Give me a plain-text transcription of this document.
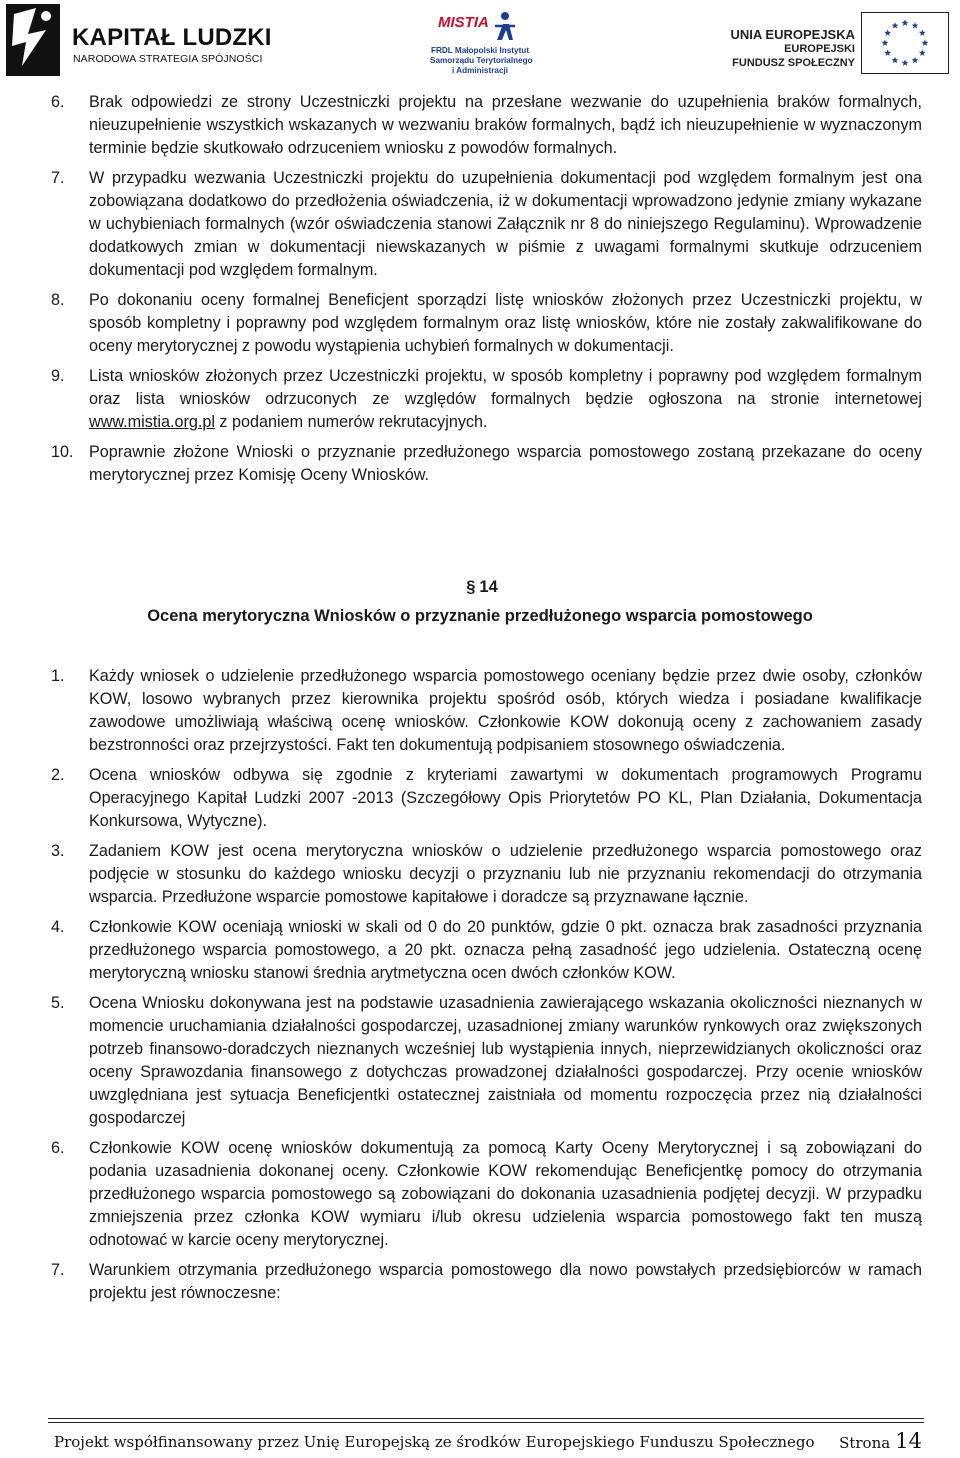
KAPITAŁ LUDZKI
NARODOWA STRATEGIA SPÓJNOŚCI
MISTIA
FRDL Małopolski Instytut
Samorządu Terytorialnego
i Administracji
UNIA EUROPEJSKA
EUROPEJSKI
FUNDUSZ SPOŁECZNY
6. Brak odpowiedzi ze strony Uczestniczki projektu na przesłane wezwanie do uzupełnienia braków formalnych, nieuzupełnienie wszystkich wskazanych w wezwaniu braków formalnych, bądź ich nieuzupełnienie w wyznaczonym terminie będzie skutkowało odrzuceniem wniosku z powodów formalnych.
7. W przypadku wezwania Uczestniczki projektu do uzupełnienia dokumentacji pod względem formalnym jest ona zobowiązana dodatkowo do przedłożenia oświadczenia, iż w dokumentacji wprowadzono jedynie zmiany wykazane w uchybieniach formalnych (wzór oświadczenia stanowi Załącznik nr 8 do niniejszego Regulaminu). Wprowadzenie dodatkowych zmian w dokumentacji niewskazanych w piśmie z uwagami formalnymi skutkuje odrzuceniem dokumentacji pod względem formalnym.
8. Po dokonaniu oceny formalnej Beneficjent sporządzi listę wniosków złożonych przez Uczestniczki projektu, w sposób kompletny i poprawny pod względem formalnym oraz listę wniosków, które nie zostały zakwalifikowane do oceny merytorycznej z powodu wystąpienia uchybień formalnych w dokumentacji.
9. Lista wniosków złożonych przez Uczestniczki projektu, w sposób kompletny i poprawny pod względem formalnym oraz lista wniosków odrzuconych ze względów formalnych będzie ogłoszona na stronie internetowej www.mistia.org.pl z podaniem numerów rekrutacyjnych.
10. Poprawnie złożone Wnioski o przyznanie przedłużonego wsparcia pomostowego zostaną przekazane do oceny merytorycznej przez Komisję Oceny Wniosków.
§ 14
Ocena merytoryczna Wniosków o przyznanie przedłużonego wsparcia pomostowego
1. Każdy wniosek o udzielenie przedłużonego wsparcia pomostowego oceniany będzie przez dwie osoby, członków KOW, losowo wybranych przez kierownika projektu spośród osób, których wiedza i posiadane kwalifikacje zawodowe umożliwiają właściwą ocenę wniosków. Członkowie KOW dokonują oceny z zachowaniem zasady bezstronności oraz przejrzystości. Fakt ten dokumentują podpisaniem stosownego oświadczenia.
2. Ocena wniosków odbywa się zgodnie z kryteriami zawartymi w dokumentach programowych Programu Operacyjnego Kapitał Ludzki 2007 -2013 (Szczegółowy Opis Priorytetów PO KL, Plan Działania, Dokumentacja Konkursowa, Wytyczne).
3. Zadaniem KOW jest ocena merytoryczna wniosków o udzielenie przedłużonego wsparcia pomostowego oraz podjęcie w stosunku do każdego wniosku decyzji o przyznaniu lub nie przyznaniu rekomendacji do otrzymania wsparcia. Przedłużone wsparcie pomostowe kapitałowe i doradcze są przyznawane łącznie.
4. Członkowie KOW oceniają wnioski w skali od 0 do 20 punktów, gdzie 0 pkt. oznacza brak zasadności przyznania przedłużonego wsparcia pomostowego, a 20 pkt. oznacza pełną zasadność jego udzielenia. Ostateczną ocenę merytoryczną wniosku stanowi średnia arytmetyczna ocen dwóch członków KOW.
5. Ocena Wniosku dokonywana jest na podstawie uzasadnienia zawierającego wskazania okoliczności nieznanych w momencie uruchamiania działalności gospodarczej, uzasadnionej zmiany warunków rynkowych oraz zwiększonych potrzeb finansowo-doradczych nieznanych wcześniej lub wystąpienia innych, nieprzewidzianych okoliczności oraz oceny Sprawozdania finansowego z dotychczas prowadzonej działalności gospodarczej. Przy ocenie wniosków uwzględniana jest sytuacja Beneficjentki ostatecznej zaistniała od momentu rozpoczęcia przez nią działalności gospodarczej
6. Członkowie KOW ocenę wniosków dokumentują za pomocą Karty Oceny Merytorycznej i są zobowiązani do podania uzasadnienia dokonanej oceny. Członkowie KOW rekomendując Beneficjentkę pomocy do otrzymania przedłużonego wsparcia pomostowego są zobowiązani do dokonania uzasadnienia podjętej decyzji. W przypadku zmniejszenia przez członka KOW wymiaru i/lub okresu udzielenia wsparcia pomostowego fakt ten muszą odnotować w karcie oceny merytorycznej.
7. Warunkiem otrzymania przedłużonego wsparcia pomostowego dla nowo powstałych przedsiębiorców w ramach projektu jest równoczesne:
Projekt współfinansowany przez Unię Europejską ze środków Europejskiego Funduszu Społecznego Strona 14
